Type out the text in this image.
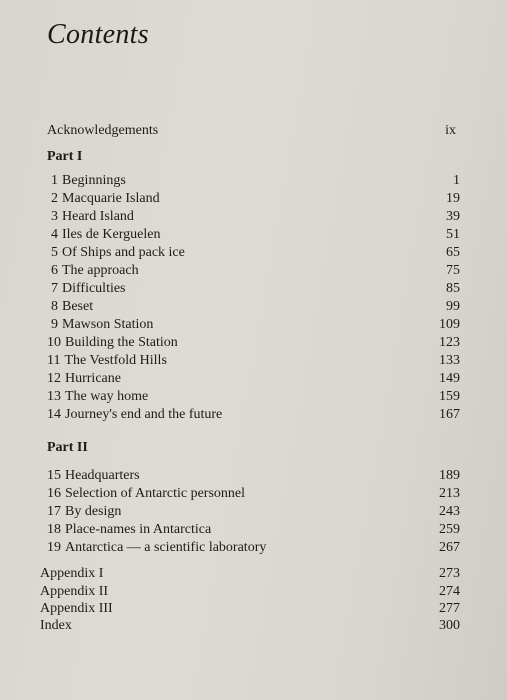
Contents
Acknowledgements	ix
Part I
1 Beginnings	1
2 Macquarie Island	19
3 Heard Island	39
4 Iles de Kerguelen	51
5 Of Ships and pack ice	65
6 The approach	75
7 Difficulties	85
8 Beset	99
9 Mawson Station	109
10 Building the Station	123
11 The Vestfold Hills	133
12 Hurricane	149
13 The way home	159
14 Journey's end and the future	167
Part II
15 Headquarters	189
16 Selection of Antarctic personnel	213
17 By design	243
18 Place-names in Antarctica	259
19 Antarctica — a scientific laboratory	267
Appendix I	273
Appendix II	274
Appendix III	277
Index	300
